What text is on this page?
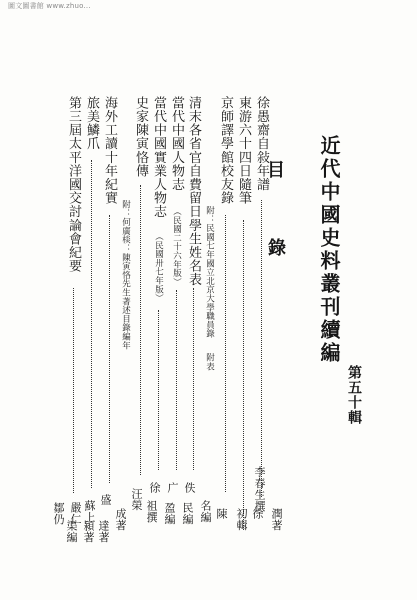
圖文圖書館 www.zhuo...
近代中國史料叢刊續編
第五十輯
目
錄
徐愚齋自敍年譜
徐 潤著
東游六十四日隨筆
李春生撰
京師譯學館校友錄
陳 初輯
附：民國七年國立北京大學職員錄
附表
清末各省官自費留日學生姓名表
佚
名編
當代中國人物志
（民國二十六年版）
广
民編
當代中國實業人物志
（民國卅七年版）
徐
盈編
史家陳寅恪傳
汪榮
祖撰
附：何廣棪：陳寅恪先生著述目錄編年
海外工讀十年紀實
盛
成著
旅美鱗爪
蘇上
達著
第三屆太平洋國交討論會紀要
嚴仁
潁著
鄒仍
渠編
